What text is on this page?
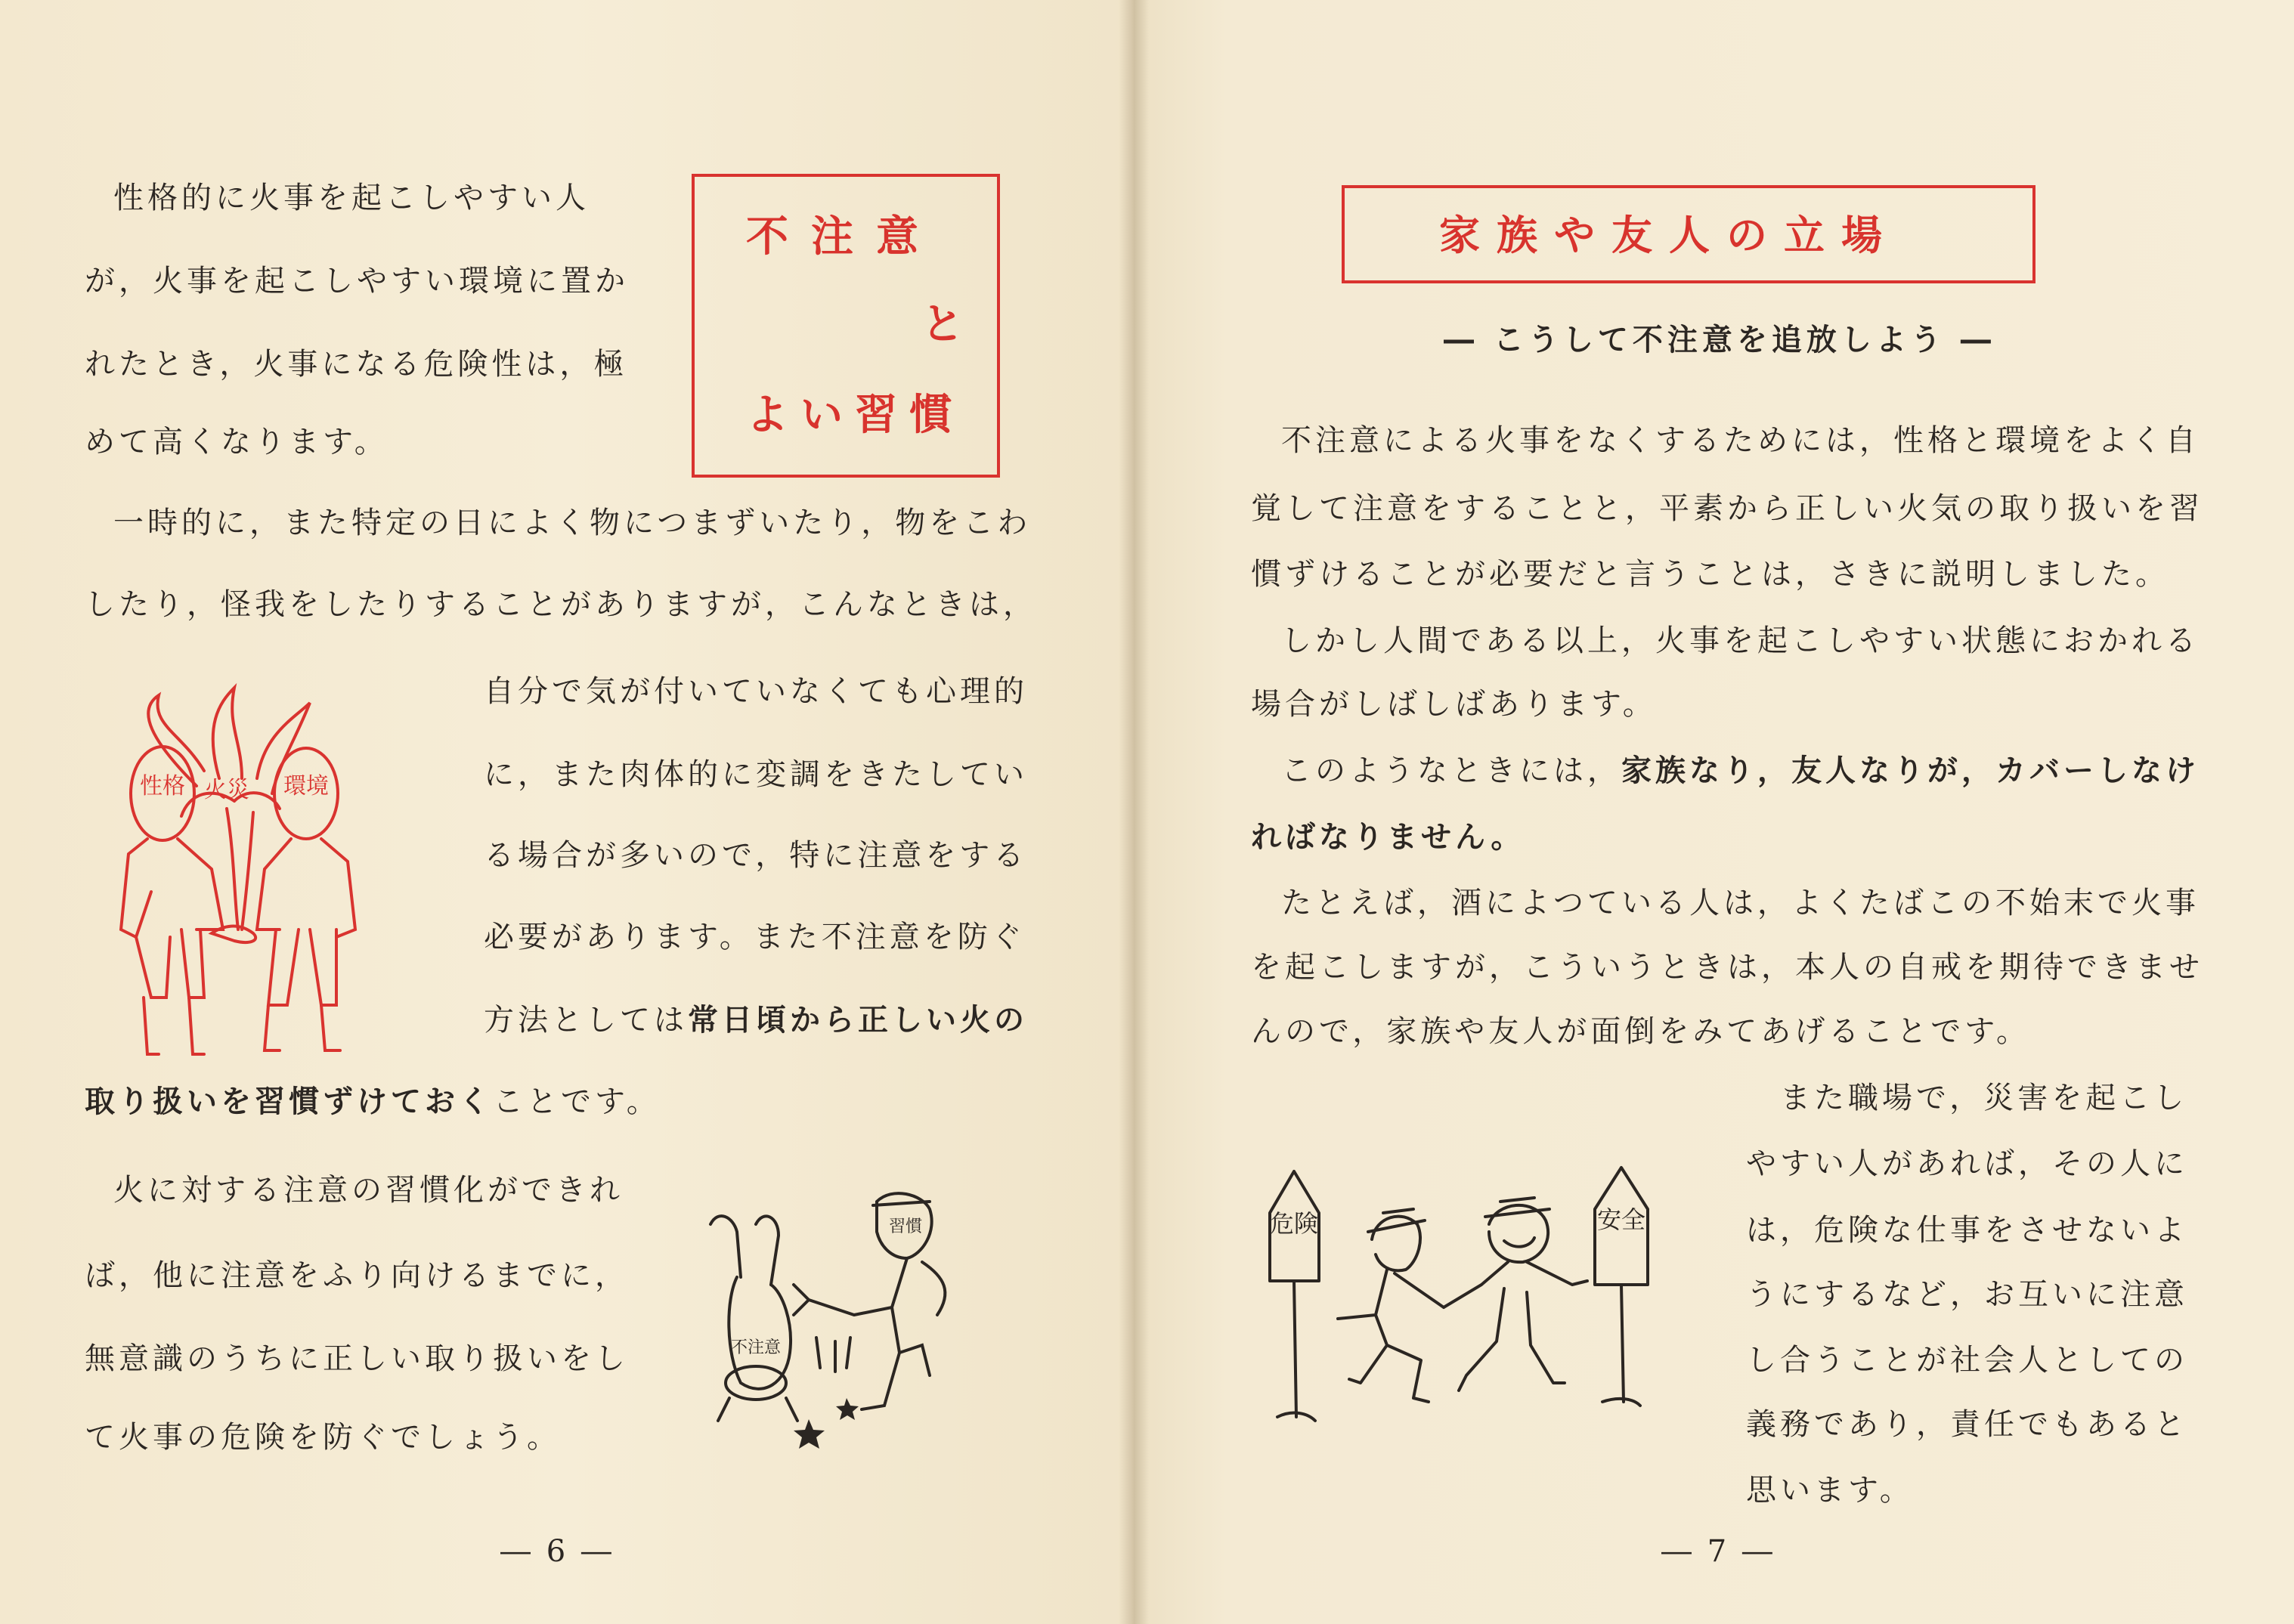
性格的に火事を起こしやすい人
が，火事を起こしやすい環境に置か
れたとき，火事になる危険性は，極
めて高くなります。
不注意
と
よい習慣
一時的に，また特定の日によく物につまずいたり，物をこわ
したり，怪我をしたりすることがありますが，こんなときは，
自分で気が付いていなくても心理的
に，また肉体的に変調をきたしてい
る場合が多いので，特に注意をする
必要があります。また不注意を防ぐ
方法としては常日頃から正しい火の
取り扱いを習慣ずけておくことです。
性格 火災 環境
火に対する注意の習慣化ができれ
ば，他に注意をふり向けるまでに，
無意識のうちに正しい取り扱いをし
て火事の危険を防ぐでしょう。
不注意
習慣
― 6 ―
家族や友人の立場
― こうして不注意を追放しよう ―
不注意による火事をなくするためには，性格と環境をよく自
覚して注意をすることと，平素から正しい火気の取り扱いを習
慣ずけることが必要だと言うことは，さきに説明しました。
しかし人間である以上，火事を起こしやすい状態におかれる
場合がしばしばあります。
このようなときには，家族なり，友人なりが，カバーしなけ
ればなりません。
たとえば，酒によつている人は，よくたばこの不始末で火事
を起こしますが，こういうときは，本人の自戒を期待できませ
んので，家族や友人が面倒をみてあげることです。
また職場で，災害を起こし
やすい人があれば，その人に
は，危険な仕事をさせないよ
うにするなど，お互いに注意
し合うことが社会人としての
義務であり，責任でもあると
思います。
危険	安全
― 7 ―
